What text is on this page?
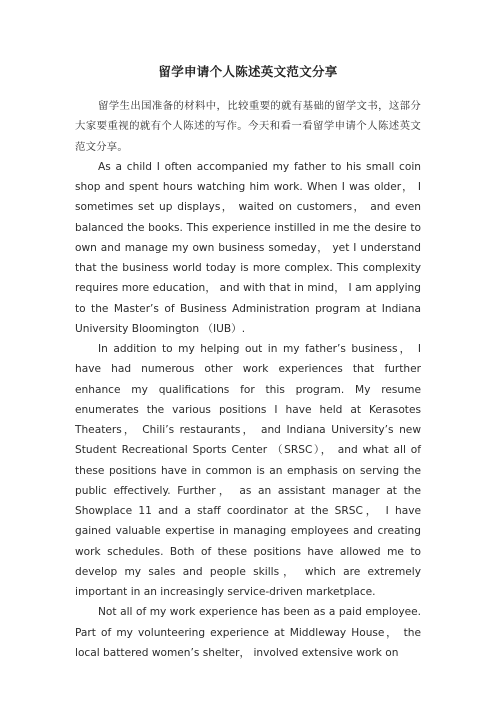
留学申请个人陈述英文范文分享

留学生出国准备的材料中，比较重要的就有基础的留学文书，这部分大家要重视的就有个人陈述的写作。今天和看一看留学申请个人陈述英文范文分享。

As a child I often accompanied my father to his small coin shop and spent hours watching him work. When I was older， I sometimes set up displays， waited on customers， and even balanced the books. This experience instilled in me the desire to own and manage my own business someday， yet I understand that the business world today is more complex. This complexity requires more education， and with that in mind， I am applying to the Master’s of Business Administration program at Indiana University Bloomington （IUB）.

In addition to my helping out in my father’s business， I have had numerous other work experiences that further enhance my qualifications for this program. My resume enumerates the various positions I have held at Kerasotes Theaters， Chili’s restaurants， and Indiana University’s new Student Recreational Sports Center （SRSC）， and what all of these positions have in common is an emphasis on serving the public effectively. Further， as an assistant manager at the Showplace 11 and a staff coordinator at the SRSC， I have gained valuable expertise in managing employees and creating work schedules. Both of these positions have allowed me to develop my sales and people skills， which are extremely important in an increasingly service-driven marketplace.

Not all of my work experience has been as a paid employee. Part of my volunteering experience at Middleway House， the local battered women’s shelter， involved extensive work on
